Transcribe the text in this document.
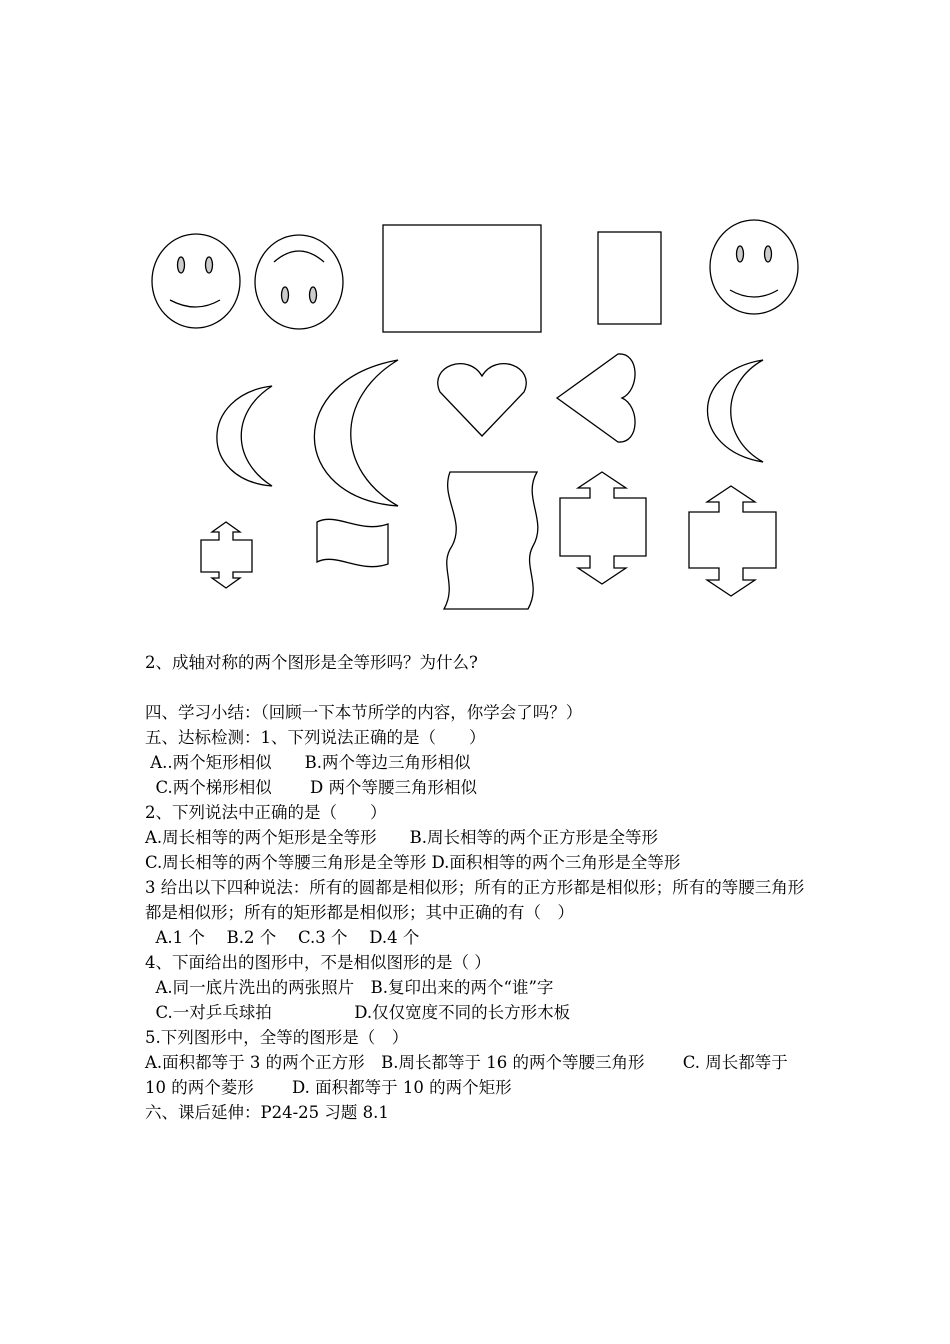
2、成轴对称的两个图形是全等形吗？为什么?

四、学习小结：（回顾一下本节所学的内容，你学会了吗？）

五、达标检测：1、下列说法正确的是（　　）

A..两个矩形相似　　B.两个等边三角形相似

C.两个梯形相似　　 D 两个等腰三角形相似

2、下列说法中正确的是（　　）

A.周长相等的两个矩形是全等形　　B.周长相等的两个正方形是全等形

C.周长相等的两个等腰三角形是全等形 D.面积相等的两个三角形是全等形

3 给出以下四种说法：所有的圆都是相似形；所有的正方形都是相似形；所有的等腰三角形都是相似形；所有的矩形都是相似形；其中正确的有（　）

A.1 个　 B.2 个　 C.3 个　 D.4 个

4、下面给出的图形中，不是相似图形的是（ ）

A.同一底片洗出的两张照片　B.复印出来的两个“谁”字

C.一对乒乓球拍　　　　　D.仅仅宽度不同的长方形木板

5.下列图形中，全等的图形是（　）

A.面积都等于 3 的两个正方形　B.周长都等于 16 的两个等腰三角形　　 C. 周长都等于 10 的两个菱形　　 D. 面积都等于 10 的两个矩形

六、课后延伸：P24-25 习题 8.1
